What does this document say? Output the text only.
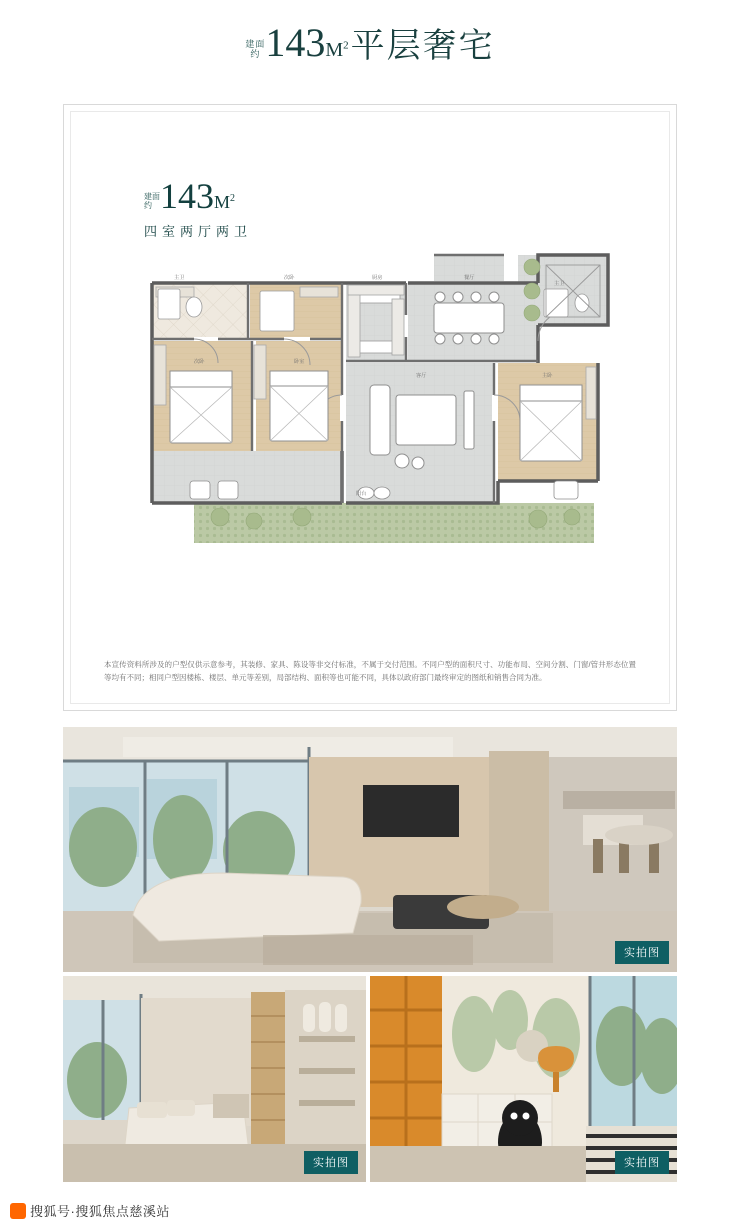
建面
约 $143M^2$平层奢宅
建面
约 $143M^2$
四室两厅两卫
主卫	次卧	厨房	餐厅
次卧	卧室
客厅	主卧
主卫
阳台
本宣传资料所涉及的户型仅供示意参考，其装修、家具、陈设等非交付标准，不属于交付范围。不同户型的面积尺寸、功能布局、空间分割、门窗/管井形态位置等均有不同；相同户型因楼栋、楼层、单元等差别，局部结构、面积等也可能不同，具体以政府部门最终审定的图纸和销售合同为准。
实拍图
实拍图	实拍图
搜狐号·搜狐焦点慈溪站
